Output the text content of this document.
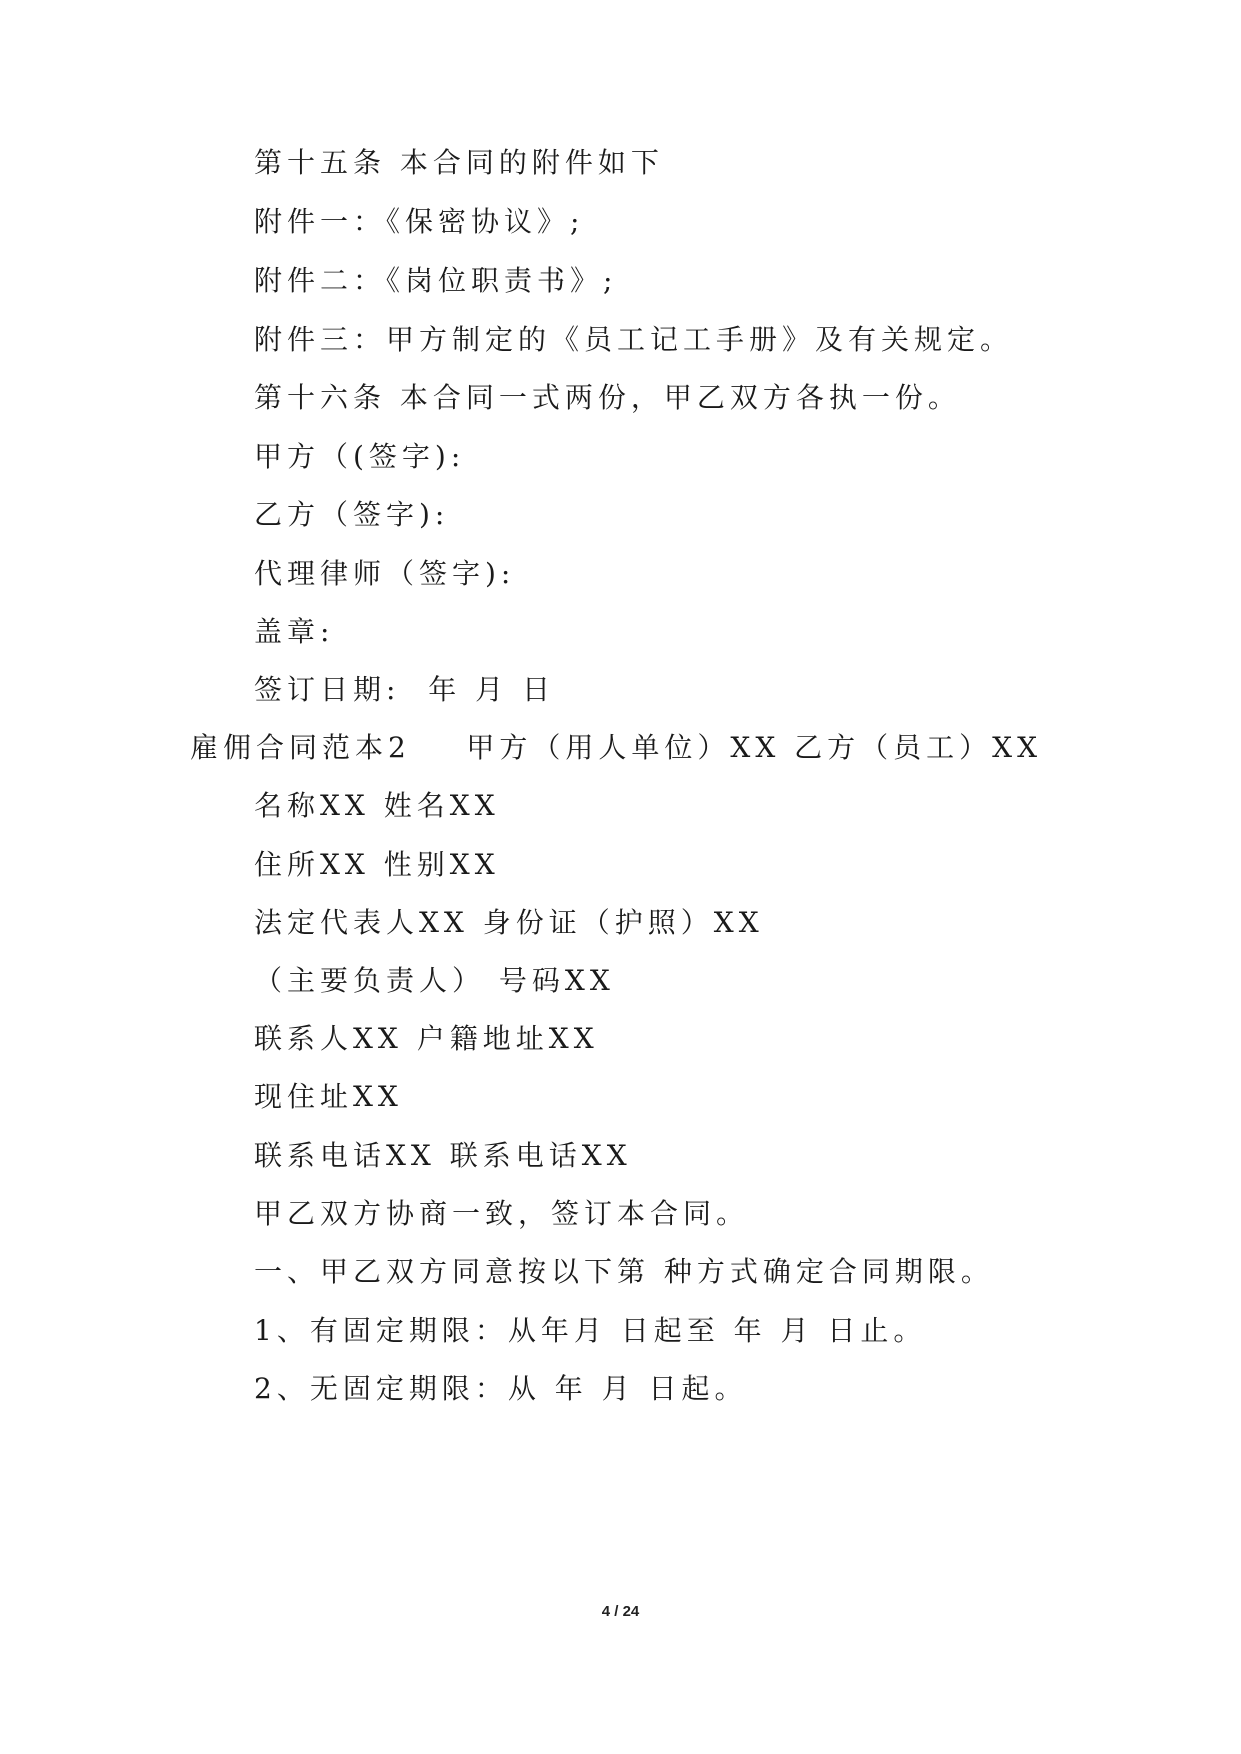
第十五条 本合同的附件如下
附件一：《保密协议》;
附件二：《岗位职责书》;
附件三：甲方制定的《员工记工手册》及有关规定。
第十六条 本合同一式两份，甲乙双方各执一份。
甲方（(签字):
乙方（签字):
代理律师（签字):
盖章:
签订日期:  年 月 日
雇佣合同范本2    甲方（用人单位）XX 乙方（员工）XX
名称XX 姓名XX
住所XX 性别XX
法定代表人XX 身份证（护照）XX
（主要负责人） 号码XX
联系人XX 户籍地址XX
现住址XX
联系电话XX 联系电话XX
甲乙双方协商一致，签订本合同。
一、甲乙双方同意按以下第 种方式确定合同期限。
1、有固定期限：从年月 日起至 年 月 日止。
2、无固定期限：从 年 月 日起。
4 / 24
